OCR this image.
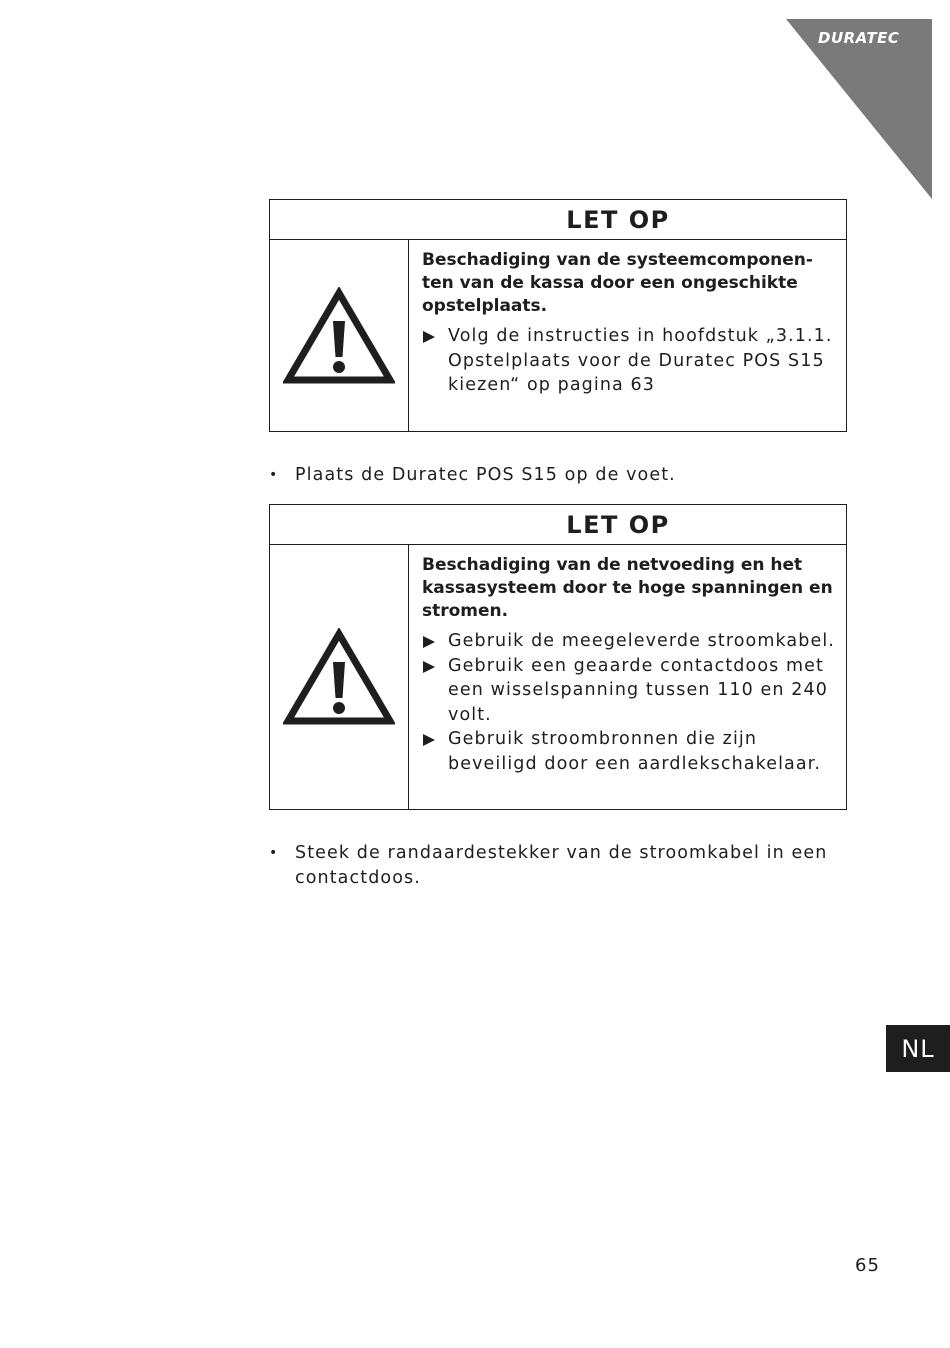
DURATEC
LET OP

Beschadiging van de systeemcomponen-ten van de kassa door een ongeschikte opstelplaats.

Volg de instructies in hoofdstuk „3.1.1. Opstelplaats voor de Duratec POS S15 kiezen“ op pagina 63
• Plaats de Duratec POS S15 op de voet.
LET OP

Beschadiging van de netvoeding en het kassasysteem door te hoge spanningen en stromen.

Gebruik de meegeleverde stroomkabel.
Gebruik een geaarde contactdoos met een wisselspanning tussen 110 en 240 volt.
Gebruik stroombronnen die zijn beveiligd door een aardlekschakelaar.
• Steek de randaardestekker van de stroomkabel in een contactdoos.
NL
65
